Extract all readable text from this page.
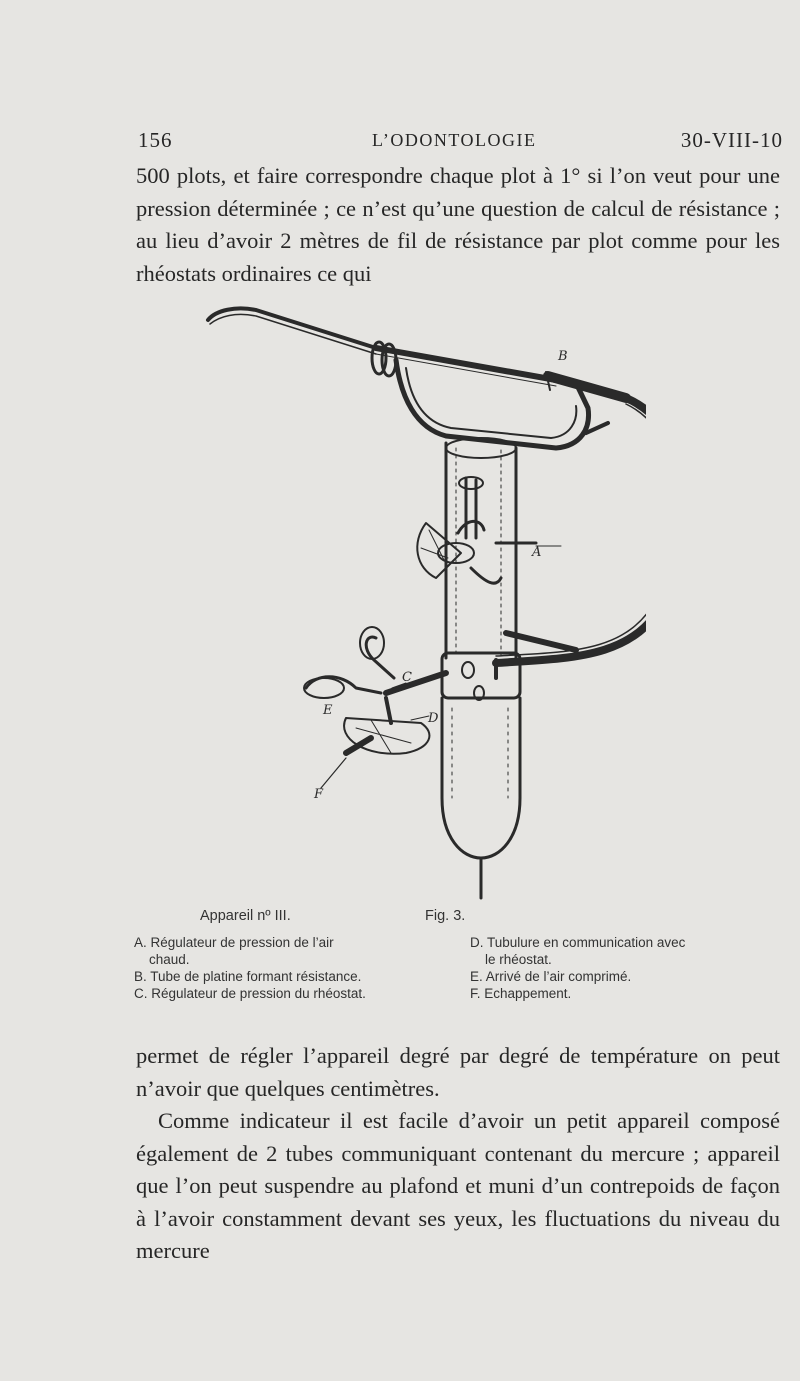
156	L’ODONTOLOGIE	30-VIII-10

500 plots, et faire correspondre chaque plot à 1° si l’on veut pour une pression déterminée ; ce n’est qu’une question de calcul de résistance ; au lieu d’avoir 2 mètres de fil de résistance par plot comme pour les rhéostats ordinaires ce qui

B
A
C
D
E
F
Appareil nº III.	Fig. 3.
A. Régulateur de pression de l’air
chaud.
B. Tube de platine formant résistance.
C. Régulateur de pression du rhéostat.
D. Tubulure en communication avec
le rhéostat.
E. Arrivé de l’air comprimé.
F. Echappement.
permet de régler l’appareil degré par degré de température on peut n’avoir que quelques centimètres.
Comme indicateur il est facile d’avoir un petit appareil composé également de 2 tubes communiquant contenant du mercure ; appareil que l’on peut suspendre au plafond et muni d’un contrepoids de façon à l’avoir constamment devant ses yeux, les fluctuations du niveau du mercure
